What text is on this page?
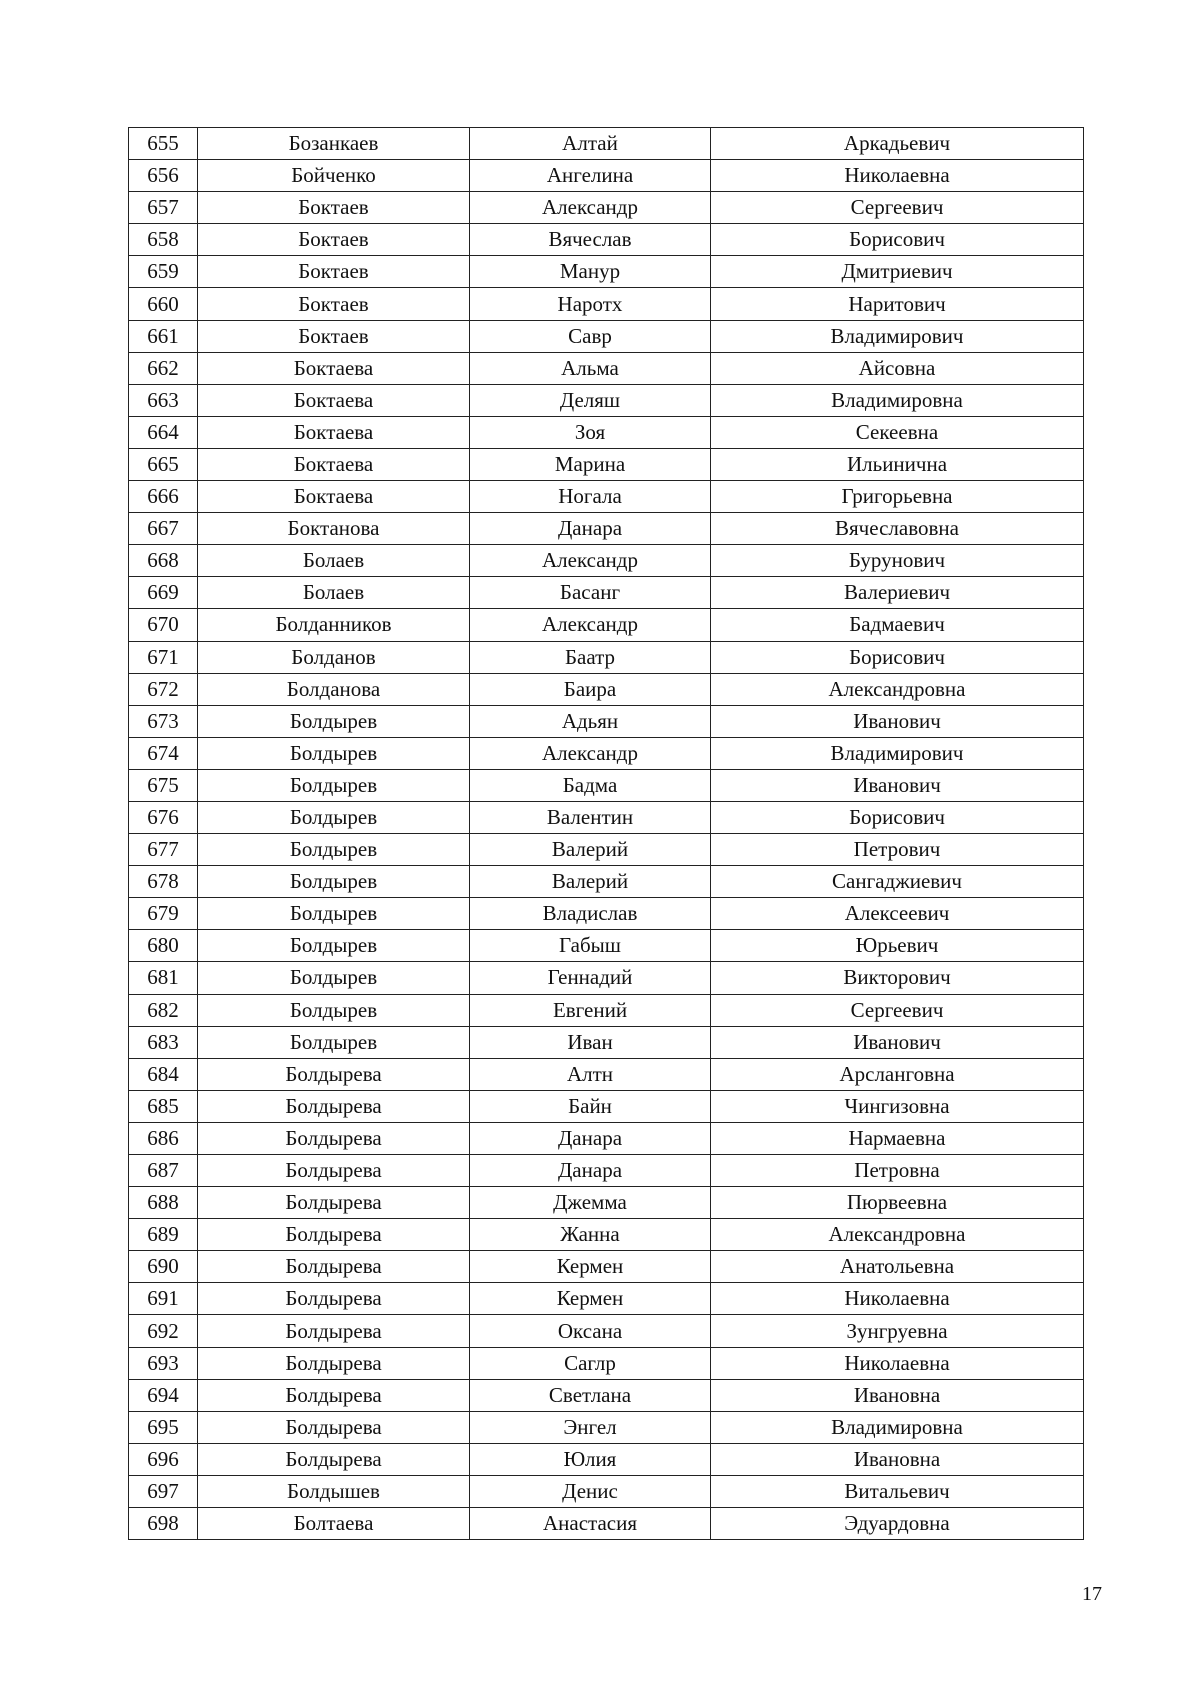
655	Бозанкаев	Алтай	Аркадьевич
656	Бойченко	Ангелина	Николаевна
657	Боктаев	Александр	Сергеевич
658	Боктаев	Вячеслав	Борисович
659	Боктаев	Манур	Дмитриевич
660	Боктаев	Наротх	Наритович
661	Боктаев	Савр	Владимирович
662	Боктаева	Альма	Айсовна
663	Боктаева	Деляш	Владимировна
664	Боктаева	Зоя	Секеевна
665	Боктаева	Марина	Ильинична
666	Боктаева	Ногала	Григорьевна
667	Боктанова	Данара	Вячеславовна
668	Болаев	Александр	Бурунович
669	Болаев	Басанг	Валериевич
670	Болданников	Александр	Бадмаевич
671	Болданов	Баатр	Борисович
672	Болданова	Баира	Александровна
673	Болдырев	Адьян	Иванович
674	Болдырев	Александр	Владимирович
675	Болдырев	Бадма	Иванович
676	Болдырев	Валентин	Борисович
677	Болдырев	Валерий	Петрович
678	Болдырев	Валерий	Сангаджиевич
679	Болдырев	Владислав	Алексеевич
680	Болдырев	Габыш	Юрьевич
681	Болдырев	Геннадий	Викторович
682	Болдырев	Евгений	Сергеевич
683	Болдырев	Иван	Иванович
684	Болдырева	Алтн	Арсланговна
685	Болдырева	Байн	Чингизовна
686	Болдырева	Данара	Нармаевна
687	Болдырева	Данара	Петровна
688	Болдырева	Джемма	Пюрвеевна
689	Болдырева	Жанна	Александровна
690	Болдырева	Кермен	Анатольевна
691	Болдырева	Кермен	Николаевна
692	Болдырева	Оксана	Зунгруевна
693	Болдырева	Саглр	Николаевна
694	Болдырева	Светлана	Ивановна
695	Болдырева	Энгел	Владимировна
696	Болдырева	Юлия	Ивановна
697	Болдышев	Денис	Витальевич
698	Болтаева	Анастасия	Эдуардовна
17
